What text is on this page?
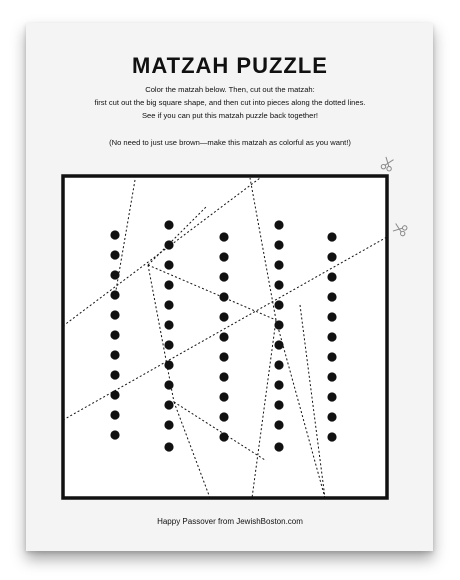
MATZAH PUZZLE
Color the matzah below. Then, cut out the matzah:
first cut out the big square shape, and then cut into pieces along the dotted lines.
See if you can put this matzah puzzle back together!
(No need to just use brown—make this matzah as colorful as you want!)
Happy Passover from JewishBoston.com
